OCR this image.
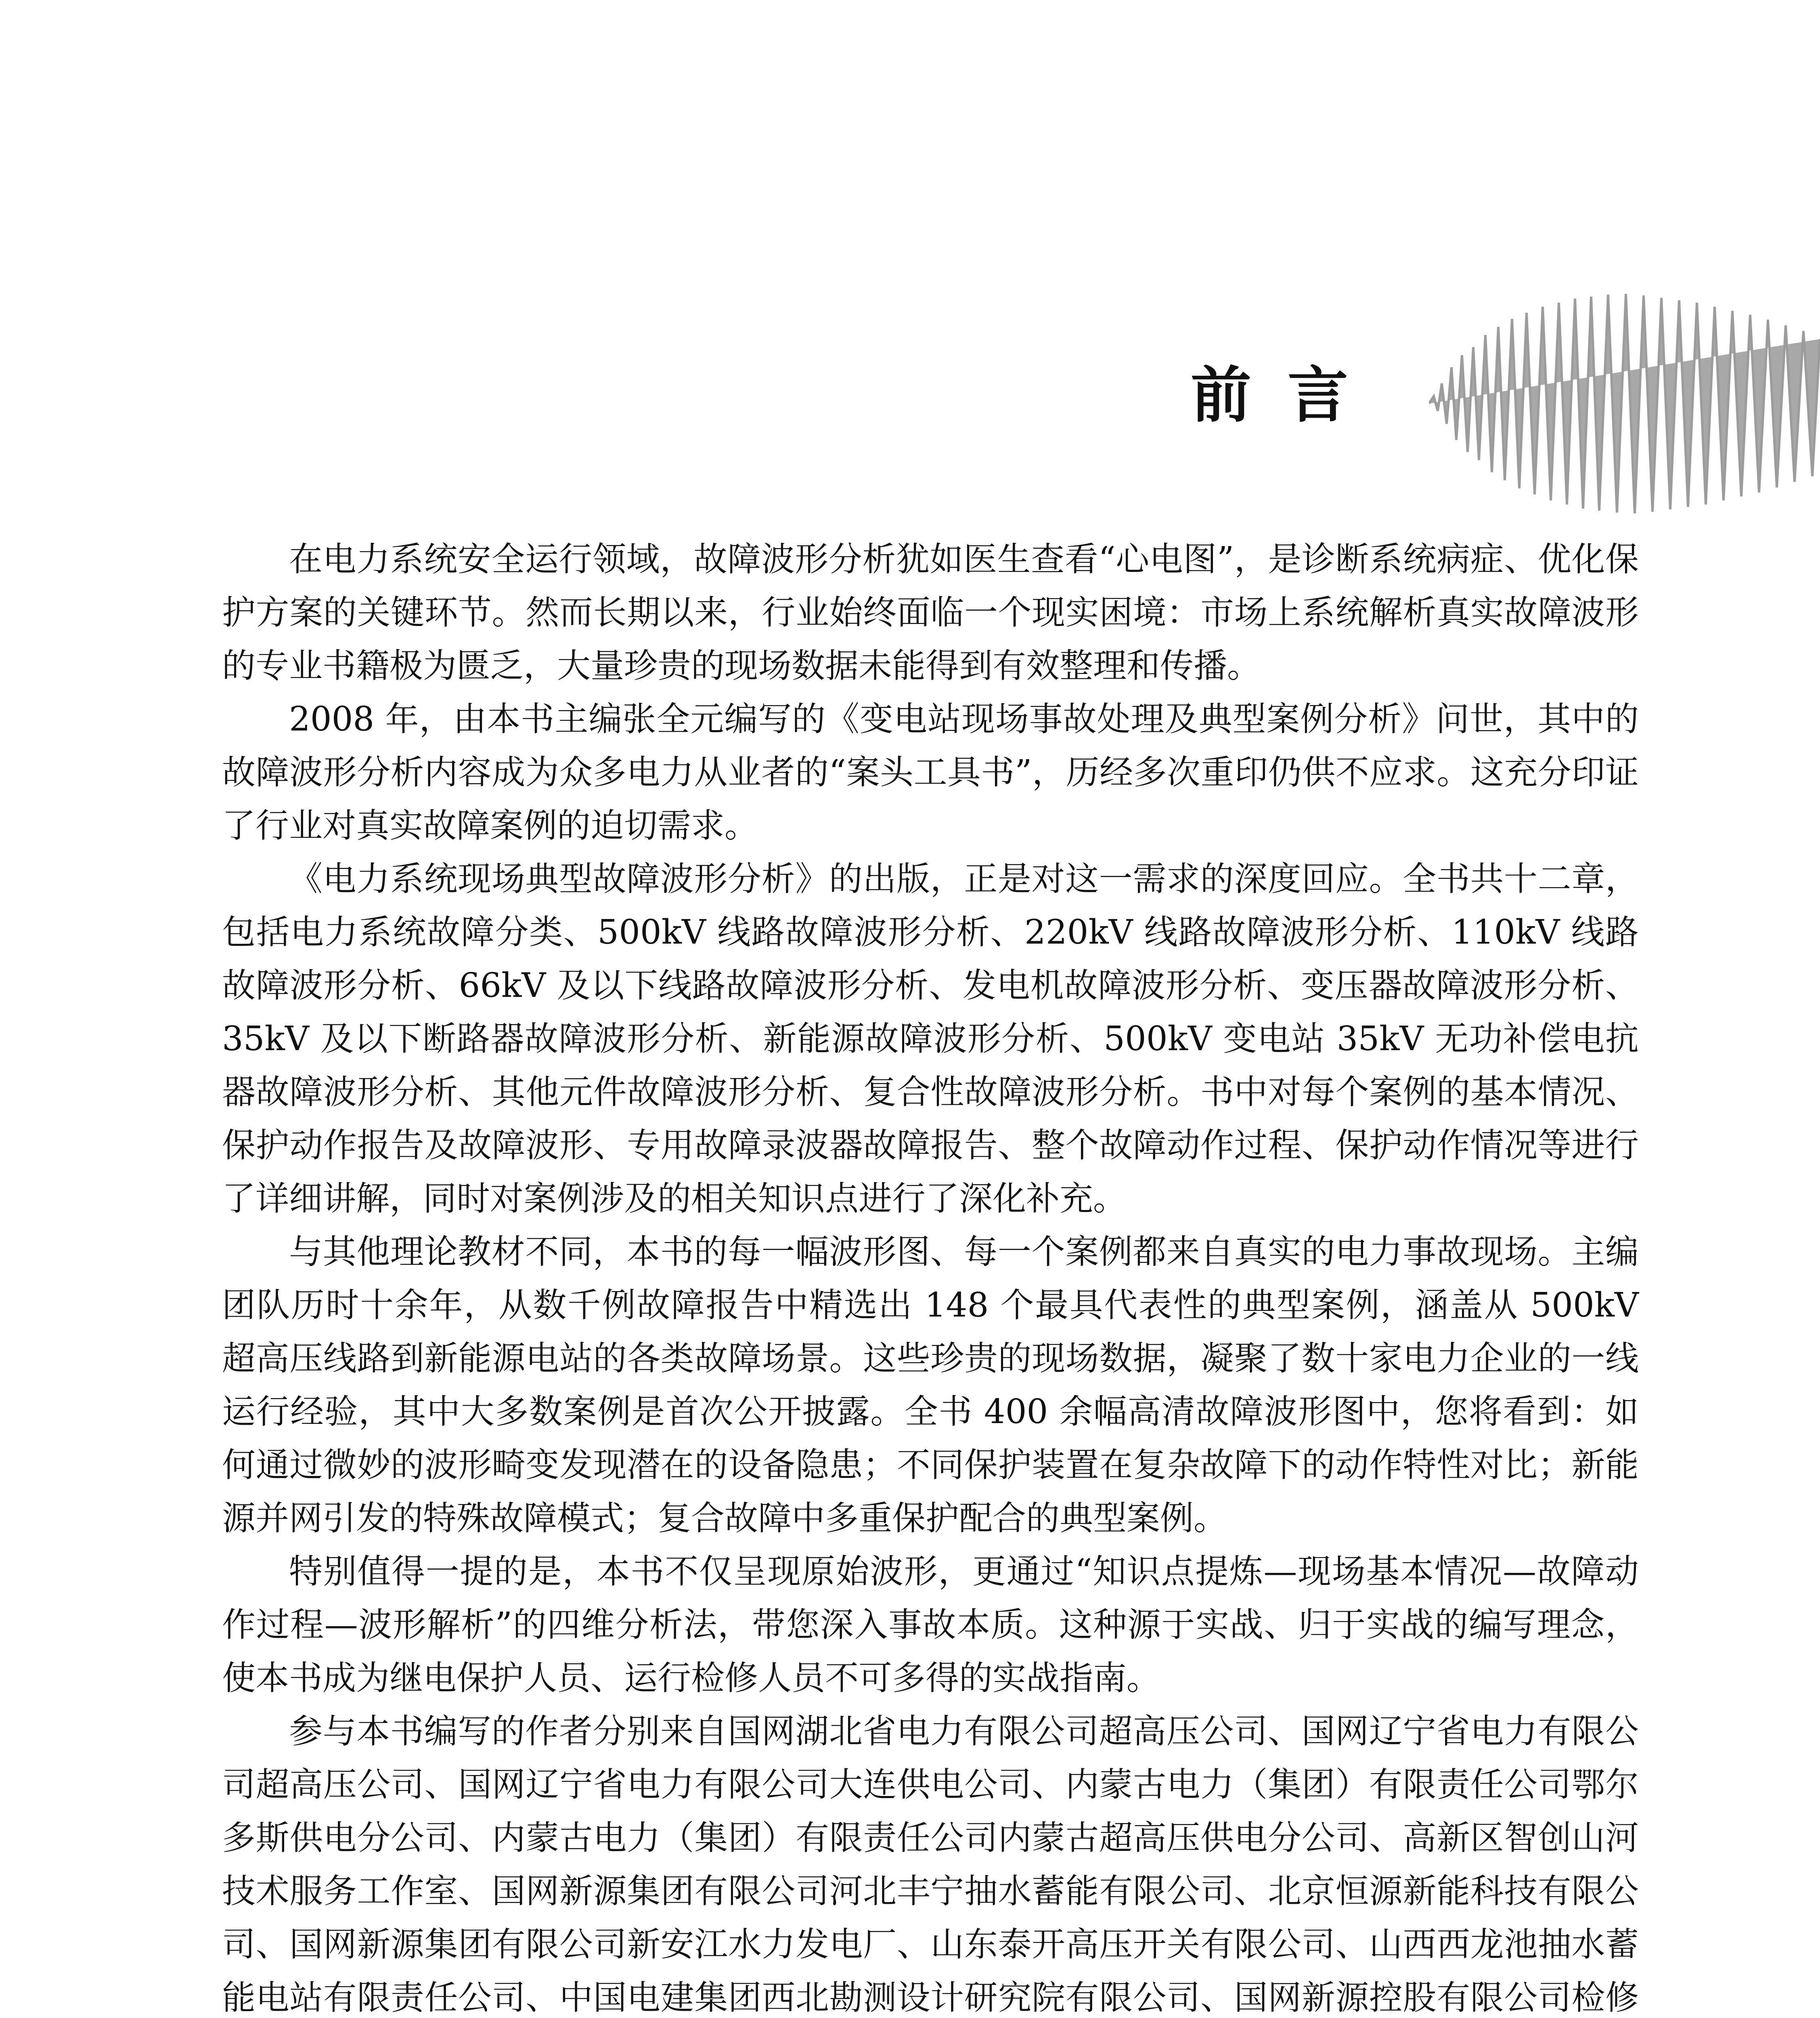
前言

在电力系统安全运行领域，故障波形分析犹如医生查看“心电图”，是诊断系统病症、优化保护方案的关键环节。然而长期以来，行业始终面临一个现实困境：市场上系统解析真实故障波形的专业书籍极为匮乏，大量珍贵的现场数据未能得到有效整理和传播。

2008 年，由本书主编张全元编写的《变电站现场事故处理及典型案例分析》问世，其中的故障波形分析内容成为众多电力从业者的“案头工具书”，历经多次重印仍供不应求。这充分印证了行业对真实故障案例的迫切需求。

《电力系统现场典型故障波形分析》的出版，正是对这一需求的深度回应。全书共十二章，包括电力系统故障分类、500kV 线路故障波形分析、220kV 线路故障波形分析、110kV 线路故障波形分析、66kV 及以下线路故障波形分析、发电机故障波形分析、变压器故障波形分析、35kV 及以下断路器故障波形分析、新能源故障波形分析、500kV 变电站 35kV 无功补偿电抗器故障波形分析、其他元件故障波形分析、复合性故障波形分析。书中对每个案例的基本情况、保护动作报告及故障波形、专用故障录波器故障报告、整个故障动作过程、保护动作情况等进行了详细讲解，同时对案例涉及的相关知识点进行了深化补充。

与其他理论教材不同，本书的每一幅波形图、每一个案例都来自真实的电力事故现场。主编团队历时十余年，从数千例故障报告中精选出 148 个最具代表性的典型案例，涵盖从 500kV 超高压线路到新能源电站的各类故障场景。这些珍贵的现场数据，凝聚了数十家电力企业的一线运行经验，其中大多数案例是首次公开披露。全书 400 余幅高清故障波形图中，您将看到：如何通过微妙的波形畸变发现潜在的设备隐患；不同保护装置在复杂故障下的动作特性对比；新能源并网引发的特殊故障模式；复合故障中多重保护配合的典型案例。

特别值得一提的是，本书不仅呈现原始波形，更通过“知识点提炼—现场基本情况—故障动作过程—波形解析”的四维分析法，带您深入事故本质。这种源于实战、归于实战的编写理念，使本书成为继电保护人员、运行检修人员不可多得的实战指南。

参与本书编写的作者分别来自国网湖北省电力有限公司超高压公司、国网辽宁省电力有限公司超高压公司、国网辽宁省电力有限公司大连供电公司、内蒙古电力（集团）有限责任公司鄂尔多斯供电分公司、内蒙古电力（集团）有限责任公司内蒙古超高压供电分公司、高新区智创山河技术服务工作室、国网新源集团有限公司河北丰宁抽水蓄能有限公司、北京恒源新能科技有限公司、国网新源集团有限公司新安江水力发电厂、山东泰开高压开关有限公司、山西西龙池抽水蓄能电站有限责任公司、中国电建集团西北勘测设计研究院有限公司、国网新源控股有限公司检修
